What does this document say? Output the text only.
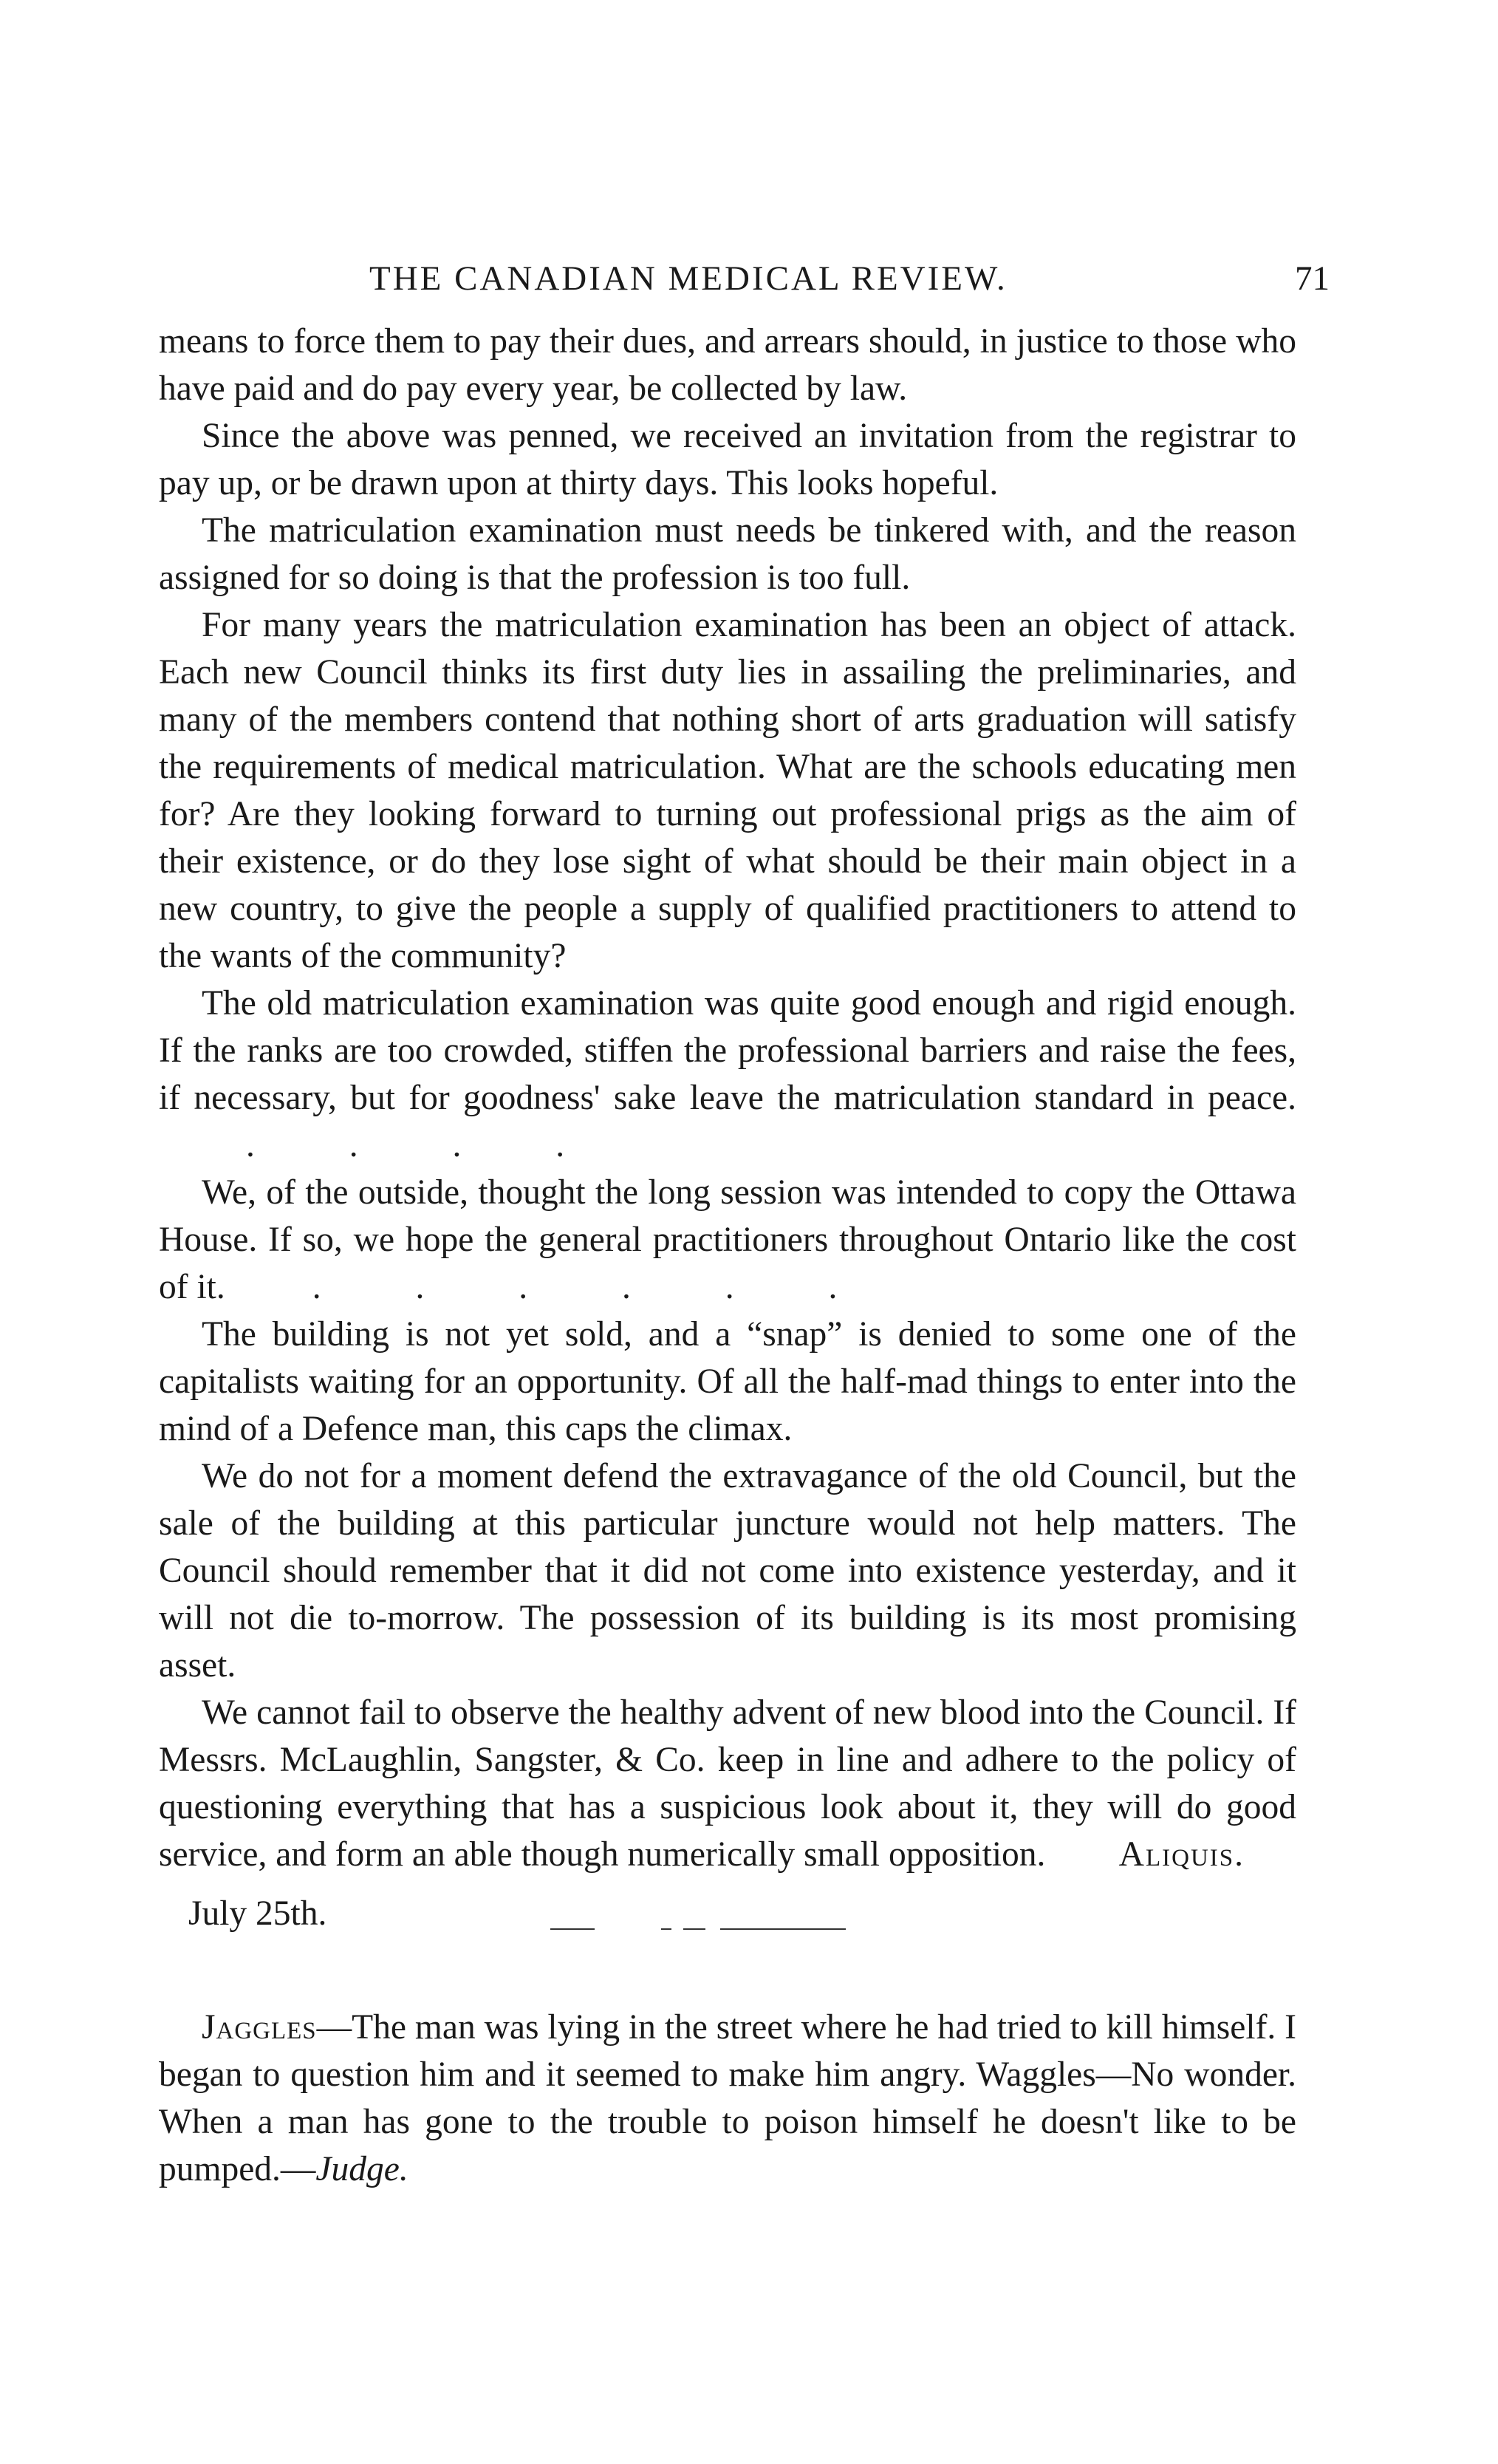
THE CANADIAN MEDICAL REVIEW.	71

means to force them to pay their dues, and arrears should, in justice to those who have paid and do pay every year, be collected by law.

Since the above was penned, we received an invitation from the registrar to pay up, or be drawn upon at thirty days. This looks hopeful.

The matriculation examination must needs be tinkered with, and the reason assigned for so doing is that the profession is too full.

For many years the matriculation examination has been an object of attack. Each new Council thinks its first duty lies in assailing the preliminaries, and many of the members contend that nothing short of arts graduation will satisfy the requirements of medical matriculation. What are the schools educating men for? Are they looking forward to turning out professional prigs as the aim of their existence, or do they lose sight of what should be their main object in a new country, to give the people a supply of qualified practitioners to attend to the wants of the community?

The old matriculation examination was quite good enough and rigid enough. If the ranks are too crowded, stiffen the professional barriers and raise the fees, if necessary, but for goodness' sake leave the matriculation standard in peace.. . . .

We, of the outside, thought the long session was intended to copy the Ottawa House. If so, we hope the general practitioners throughout Ontario like the cost of it. . . . . . .

The building is not yet sold, and a “snap” is denied to some one of the capitalists waiting for an opportunity. Of all the half-mad things to enter into the mind of a Defence man, this caps the climax.

We do not for a moment defend the extravagance of the old Council, but the sale of the building at this particular juncture would not help matters. The Council should remember that it did not come into existence yesterday, and it will not die to-morrow. The possession of its building is its most promising asset.

We cannot fail to observe the healthy advent of new blood into the Council. If Messrs. McLaughlin, Sangster, & Co. keep in line and adhere to the policy of questioning everything that has a suspicious look about it, they will do good service, and form an able though numerically small opposition.	Aliquis.

July 25th.

Jaggles—The man was lying in the street where he had tried to kill himself. I began to question him and it seemed to make him angry. Waggles—No wonder. When a man has gone to the trouble to poison himself he doesn't like to be pumped.—Judge.
